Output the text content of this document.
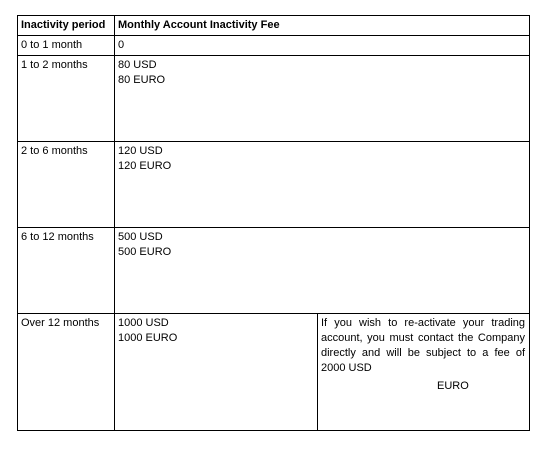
Inactivity period	Monthly Account Inactivity Fee	
0 to 1 month	0	

1 to 2 months	80 USD
80 EURO	

2 to 6 months	120 USD
120 EURO	

6 to 12 months	500 USD
500 EURO	

Over 12 months	1000 USD
1000 EURO	If you wish to re-activate your trading account, you must contact the Company directly and will be subject to a fee of 2000 USD
EURO
